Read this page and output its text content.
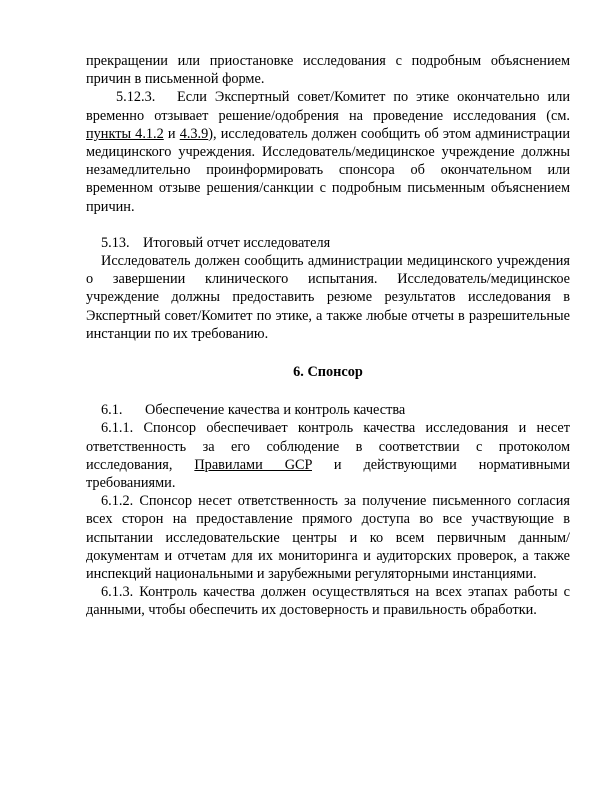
прекращении или приостановке исследования с подробным объяснением причин в письменной форме.

5.12.3. Если Экспертный совет/Комитет по этике окончательно или временно отзывает решение/одобрения на проведение исследования (см. пункты 4.1.2 и 4.3.9), исследователь должен сообщить об этом администрации медицинского учреждения. Исследователь/медицинское учреждение должны незамедлительно проинформировать спонсора об окончательном или временном отзыве решения/санкции с подробным письменным объяснением причин.

5.13. Итоговый отчет исследователя

Исследователь должен сообщить администрации медицинского учреждения о завершении клинического испытания. Исследователь/медицинское учреждение должны предоставить резюме результатов исследования в Экспертный совет/Комитет по этике, а также любые отчеты в разрешительные инстанции по их требованию.

6. Спонсор

6.1. Обеспечение качества и контроль качества

6.1.1. Спонсор обеспечивает контроль качества исследования и несет ответственность за его соблюдение в соответствии с протоколом исследования, Правилами GCP и действующими нормативными требованиями.

6.1.2. Спонсор несет ответственность за получение письменного согласия всех сторон на предоставление прямого доступа во все участвующие в испытании исследовательские центры и ко всем первичным данным/документам и отчетам для их мониторинга и аудиторских проверок, а также инспекций национальными и зарубежными регуляторными инстанциями.

6.1.3. Контроль качества должен осуществляться на всех этапах работы с данными, чтобы обеспечить их достоверность и правильность обработки.
